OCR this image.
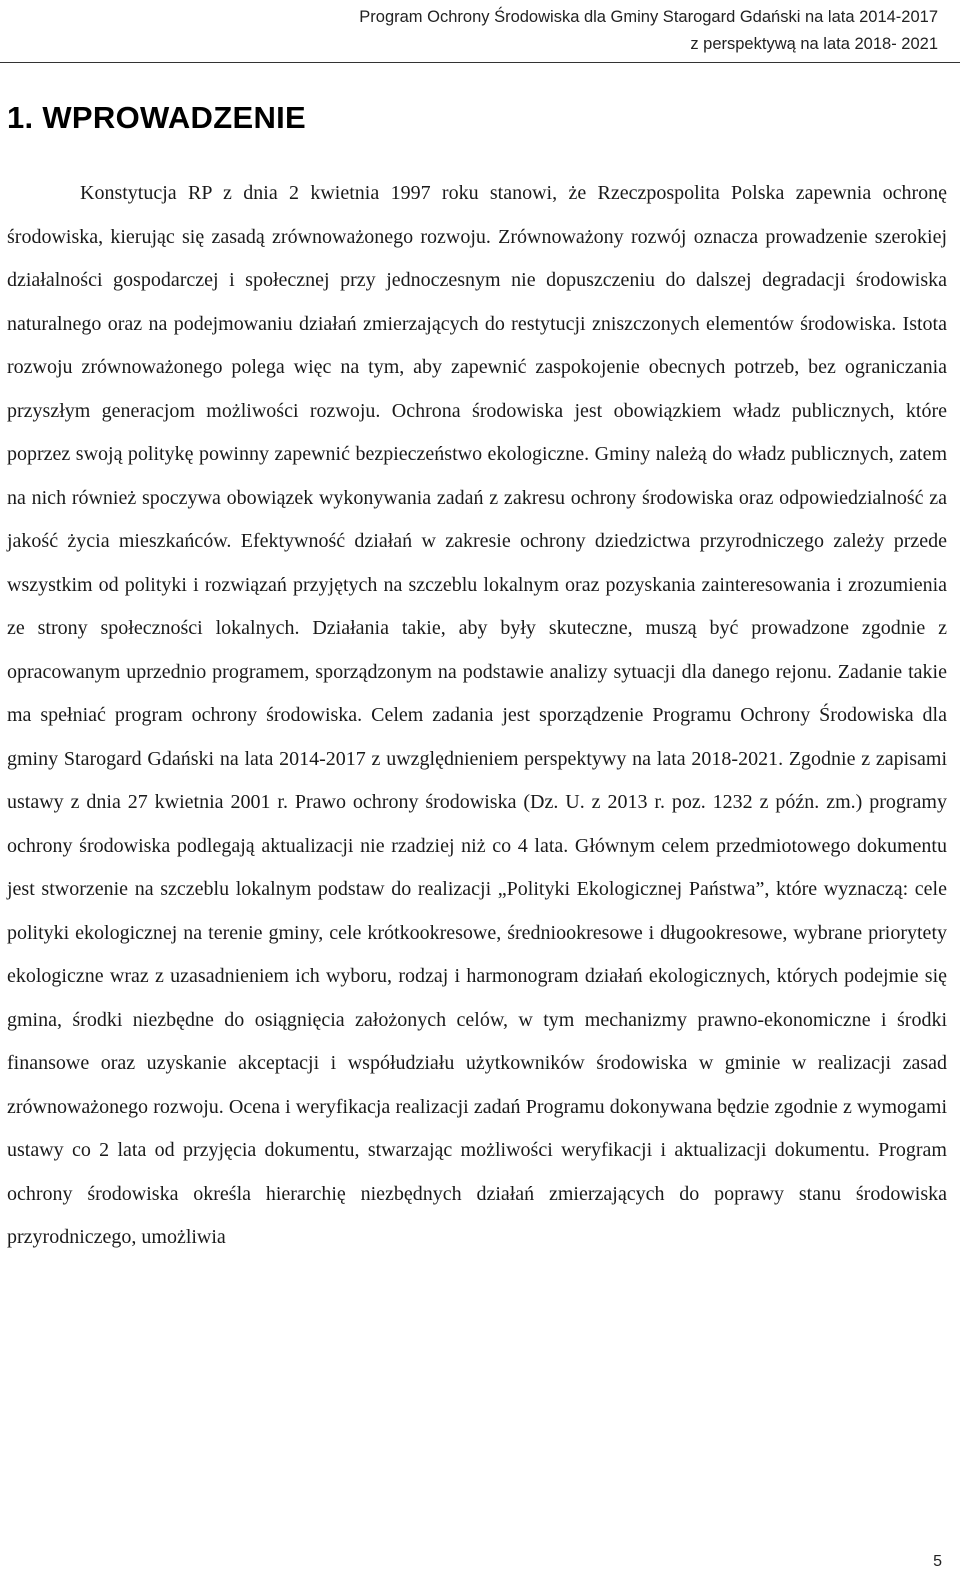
Program Ochrony Środowiska dla Gminy Starogard Gdański na lata 2014-2017
z perspektywą na lata 2018- 2021
1. WPROWADZENIE

Konstytucja RP z dnia 2 kwietnia 1997 roku stanowi, że Rzeczpospolita Polska zapewnia ochronę środowiska, kierując się zasadą zrównoważonego rozwoju. Zrównoważony rozwój oznacza prowadzenie szerokiej działalności gospodarczej i społecznej przy jednoczesnym nie dopuszczeniu do dalszej degradacji środowiska naturalnego oraz na podejmowaniu działań zmierzających do restytucji zniszczonych elementów środowiska. Istota rozwoju zrównoważonego polega więc na tym, aby zapewnić zaspokojenie obecnych potrzeb, bez ograniczania przyszłym generacjom możliwości rozwoju. Ochrona środowiska jest obowiązkiem władz publicznych, które poprzez swoją politykę powinny zapewnić bezpieczeństwo ekologiczne. Gminy należą do władz publicznych, zatem na nich również spoczywa obowiązek wykonywania zadań z zakresu ochrony środowiska oraz odpowiedzialność za jakość życia mieszkańców. Efektywność działań w zakresie ochrony dziedzictwa przyrodniczego zależy przede wszystkim od polityki i rozwiązań przyjętych na szczeblu lokalnym oraz pozyskania zainteresowania i zrozumienia ze strony społeczności lokalnych. Działania takie, aby były skuteczne, muszą być prowadzone zgodnie z opracowanym uprzednio programem, sporządzonym na podstawie analizy sytuacji dla danego rejonu. Zadanie takie ma spełniać program ochrony środowiska. Celem zadania jest sporządzenie Programu Ochrony Środowiska dla gminy Starogard Gdański na lata 2014-2017 z uwzględnieniem perspektywy na lata 2018-2021. Zgodnie z zapisami ustawy z dnia 27 kwietnia 2001 r. Prawo ochrony środowiska (Dz. U. z 2013 r. poz. 1232 z późn. zm.) programy ochrony środowiska podlegają aktualizacji nie rzadziej niż co 4 lata. Głównym celem przedmiotowego dokumentu jest stworzenie na szczeblu lokalnym podstaw do realizacji „Polityki Ekologicznej Państwa”, które wyznaczą: cele polityki ekologicznej na terenie gminy, cele krótkookresowe, średniookresowe i długookresowe, wybrane priorytety ekologiczne wraz z uzasadnieniem ich wyboru, rodzaj i harmonogram działań ekologicznych, których podejmie się gmina, środki niezbędne do osiągnięcia założonych celów, w tym mechanizmy prawno-ekonomiczne i środki finansowe oraz uzyskanie akceptacji i współudziału użytkowników środowiska w gminie w realizacji zasad zrównoważonego rozwoju. Ocena i weryfikacja realizacji zadań Programu dokonywana będzie zgodnie z wymogami ustawy co 2 lata od przyjęcia dokumentu, stwarzając możliwości weryfikacji i aktualizacji dokumentu. Program ochrony środowiska określa hierarchię niezbędnych działań zmierzających do poprawy stanu środowiska przyrodniczego, umożliwia

5
